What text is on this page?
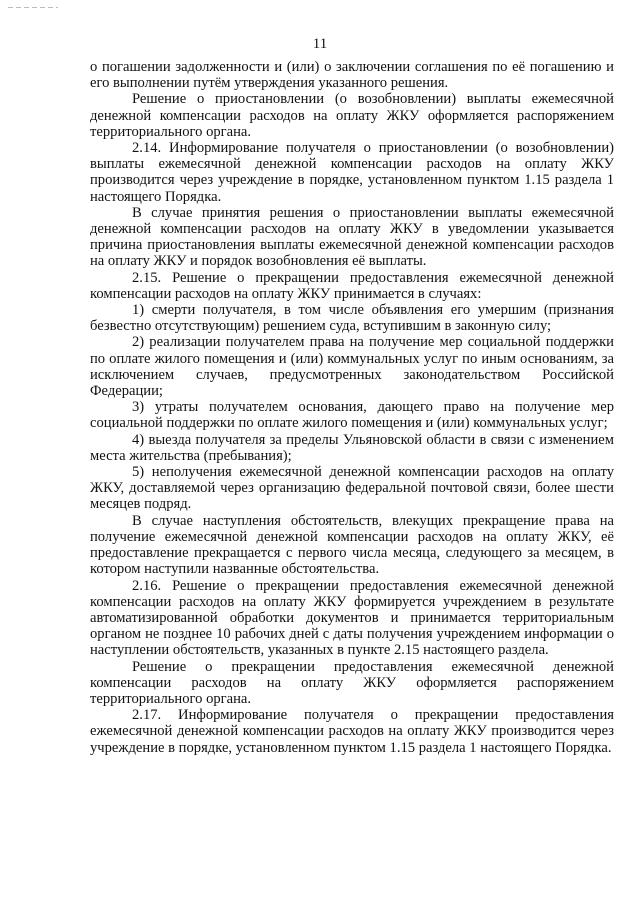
11

о погашении задолженности и (или) о заключении соглашения по её погашению и его выполнении путём утверждения указанного решения.

Решение о приостановлении (о возобновлении) выплаты ежемесячной денежной компенсации расходов на оплату ЖКУ оформляется распоряжением территориального органа.

2.14. Информирование получателя о приостановлении (о возобновлении) выплаты ежемесячной денежной компенсации расходов на оплату ЖКУ производится через учреждение в порядке, установленном пунктом 1.15 раздела 1 настоящего Порядка.

В случае принятия решения о приостановлении выплаты ежемесячной денежной компенсации расходов на оплату ЖКУ в уведомлении указывается причина приостановления выплаты ежемесячной денежной компенсации расходов на оплату ЖКУ и порядок возобновления её выплаты.

2.15. Решение о прекращении предоставления ежемесячной денежной компенсации расходов на оплату ЖКУ принимается в случаях:

1) смерти получателя, в том числе объявления его умершим (признания безвестно отсутствующим) решением суда, вступившим в законную силу;

2) реализации получателем права на получение мер социальной поддержки по оплате жилого помещения и (или) коммунальных услуг по иным основаниям, за исключением случаев, предусмотренных законодательством Российской Федерации;

3) утраты получателем основания, дающего право на получение мер социальной поддержки по оплате жилого помещения и (или) коммунальных услуг;

4) выезда получателя за пределы Ульяновской области в связи с изменением места жительства (пребывания);

5) неполучения ежемесячной денежной компенсации расходов на оплату ЖКУ, доставляемой через организацию федеральной почтовой связи, более шести месяцев подряд.

В случае наступления обстоятельств, влекущих прекращение права на получение ежемесячной денежной компенсации расходов на оплату ЖКУ, её предоставление прекращается с первого числа месяца, следующего за месяцем, в котором наступили названные обстоятельства.

2.16. Решение о прекращении предоставления ежемесячной денежной компенсации расходов на оплату ЖКУ формируется учреждением в результате автоматизированной обработки документов и принимается территориальным органом не позднее 10 рабочих дней с даты получения учреждением информации о наступлении обстоятельств, указанных в пункте 2.15 настоящего раздела.

Решение о прекращении предоставления ежемесячной денежной компенсации расходов на оплату ЖКУ оформляется распоряжением территориального органа.

2.17. Информирование получателя о прекращении предоставления ежемесячной денежной компенсации расходов на оплату ЖКУ производится через учреждение в порядке, установленном пунктом 1.15 раздела 1 настоящего Порядка.
